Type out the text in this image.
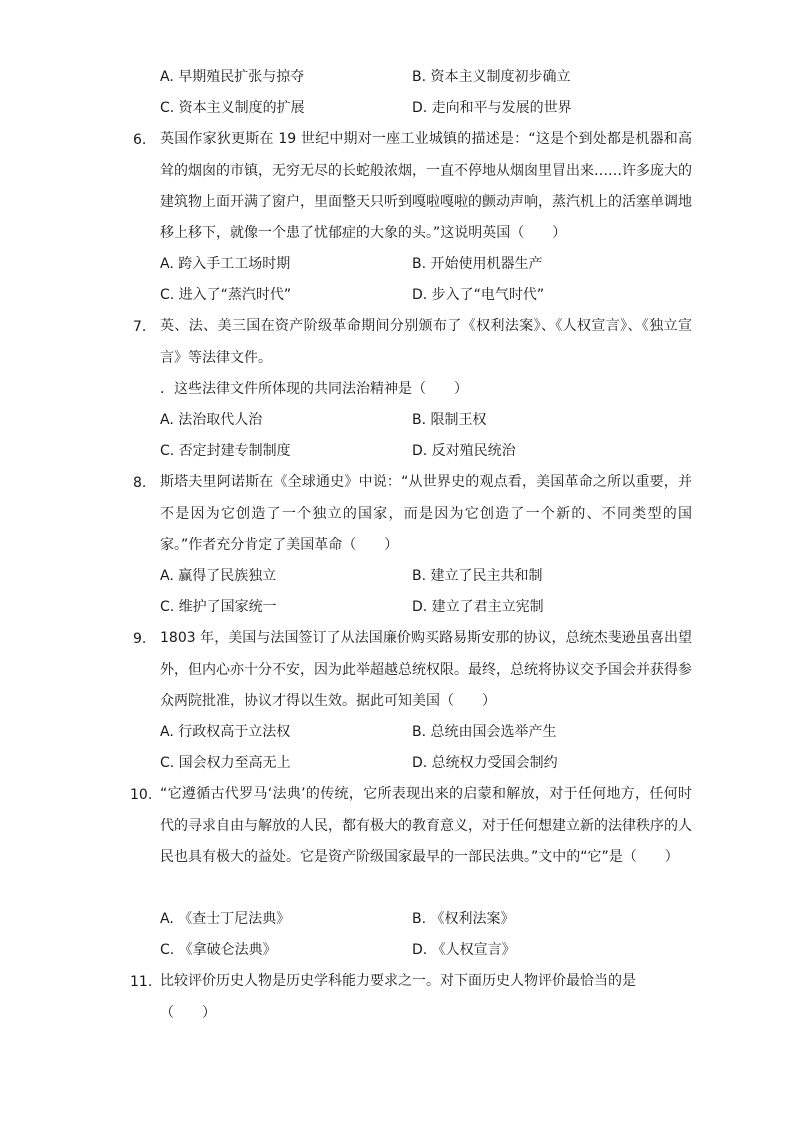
A. 早期殖民扩张与掠夺	B. 资本主义制度初步确立
C. 资本主义制度的扩展	D. 走向和平与发展的世界
6. 英国作家狄更斯在 19 世纪中期对一座工业城镇的描述是：“这是个到处都是机器和高耸的烟囱的市镇，无穷无尽的长蛇般浓烟，一直不停地从烟囱里冒出来……许多庞大的建筑物上面开满了窗户，里面整天只听到嘎啦嘎啦的颤动声响，蒸汽机上的活塞单调地移上移下，就像一个患了忧郁症的大象的头。”这说明英国（　　）
A. 跨入手工工场时期	B. 开始使用机器生产
C. 进入了“蒸汽时代”	D. 步入了“电气时代”
7. 英、法、美三国在资产阶级革命期间分别颁布了《权利法案》、《人权宣言》、《独立宣言》等法律文件。
．这些法律文件所体现的共同法治精神是（　　）
A. 法治取代人治	B. 限制王权
C. 否定封建专制制度	D. 反对殖民统治
8. 斯塔夫里阿诺斯在《全球通史》中说：“从世界史的观点看，美国革命之所以重要，并不是因为它创造了一个独立的国家，而是因为它创造了一个新的、不同类型的国家。”作者充分肯定了美国革命（　　）
A. 赢得了民族独立	B. 建立了民主共和制
C. 维护了国家统一	D. 建立了君主立宪制
9. 1803 年，美国与法国签订了从法国廉价购买路易斯安那的协议，总统杰斐逊虽喜出望外，但内心亦十分不安，因为此举超越总统权限。最终，总统将协议交予国会并获得参众两院批准，协议才得以生效。据此可知美国（　　）
A. 行政权高于立法权	B. 总统由国会选举产生
C. 国会权力至高无上	D. 总统权力受国会制约
10. “它遵循古代罗马‘法典’的传统，它所表现出来的启蒙和解放，对于任何地方，任何时代的寻求自由与解放的人民，都有极大的教育意义，对于任何想建立新的法律秩序的人民也具有极大的益处。它是资产阶级国家最早的一部民法典。”文中的“它”是（　　）
A. 《查士丁尼法典》	B. 《权利法案》
C. 《拿破仑法典》	D. 《人权宣言》
11. 比较评价历史人物是历史学科能力要求之一。对下面历史人物评价最恰当的是
（　　）
